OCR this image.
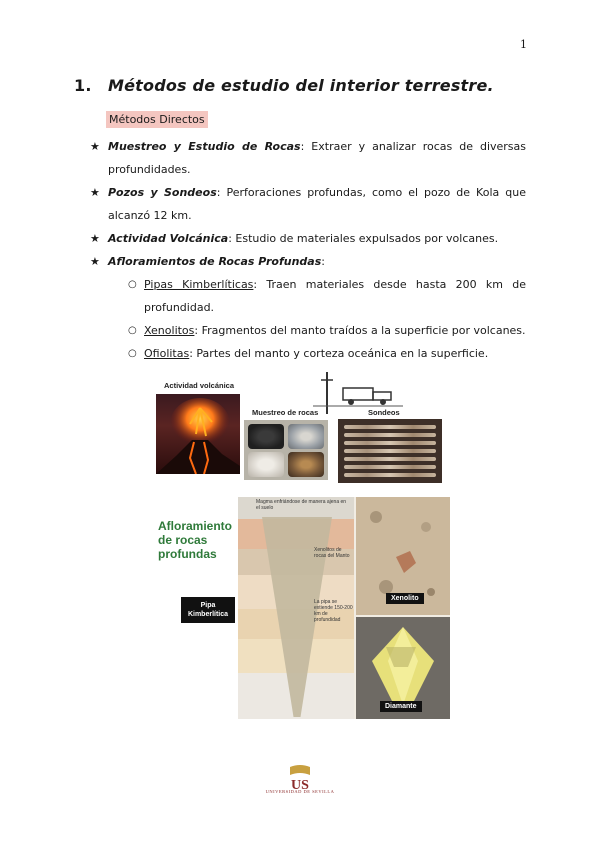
1
1. Métodos de estudio del interior terrestre.
Métodos Directos
★ Muestreo y Estudio de Rocas: Extraer y analizar rocas de diversas profundidades.
★ Pozos y Sondeos: Perforaciones profundas, como el pozo de Kola que alcanzó 12 km.
★ Actividad Volcánica: Estudio de materiales expulsados por volcanes.
★ Afloramientos de Rocas Profundas:
○ Pipas Kimberlíticas: Traen materiales desde hasta 200 km de profundidad.
○ Xenolitos: Fragmentos del manto traídos a la superficie por volcanes.
○ Ofiolitas: Partes del manto y corteza oceánica en la superficie.
Actividad volcánica
Muestreo de rocas	Sondeos
Afloramiento
de rocas
profundas
Magma enfriándose de manera ajena en el suelo
Xenolitos de rocas del Manto
La pipa se extiende 150-200 km de profundidad
Xenolito
Diamante
Pipa
Kimberlítica
US
UNIVERSIDAD DE SEVILLA
